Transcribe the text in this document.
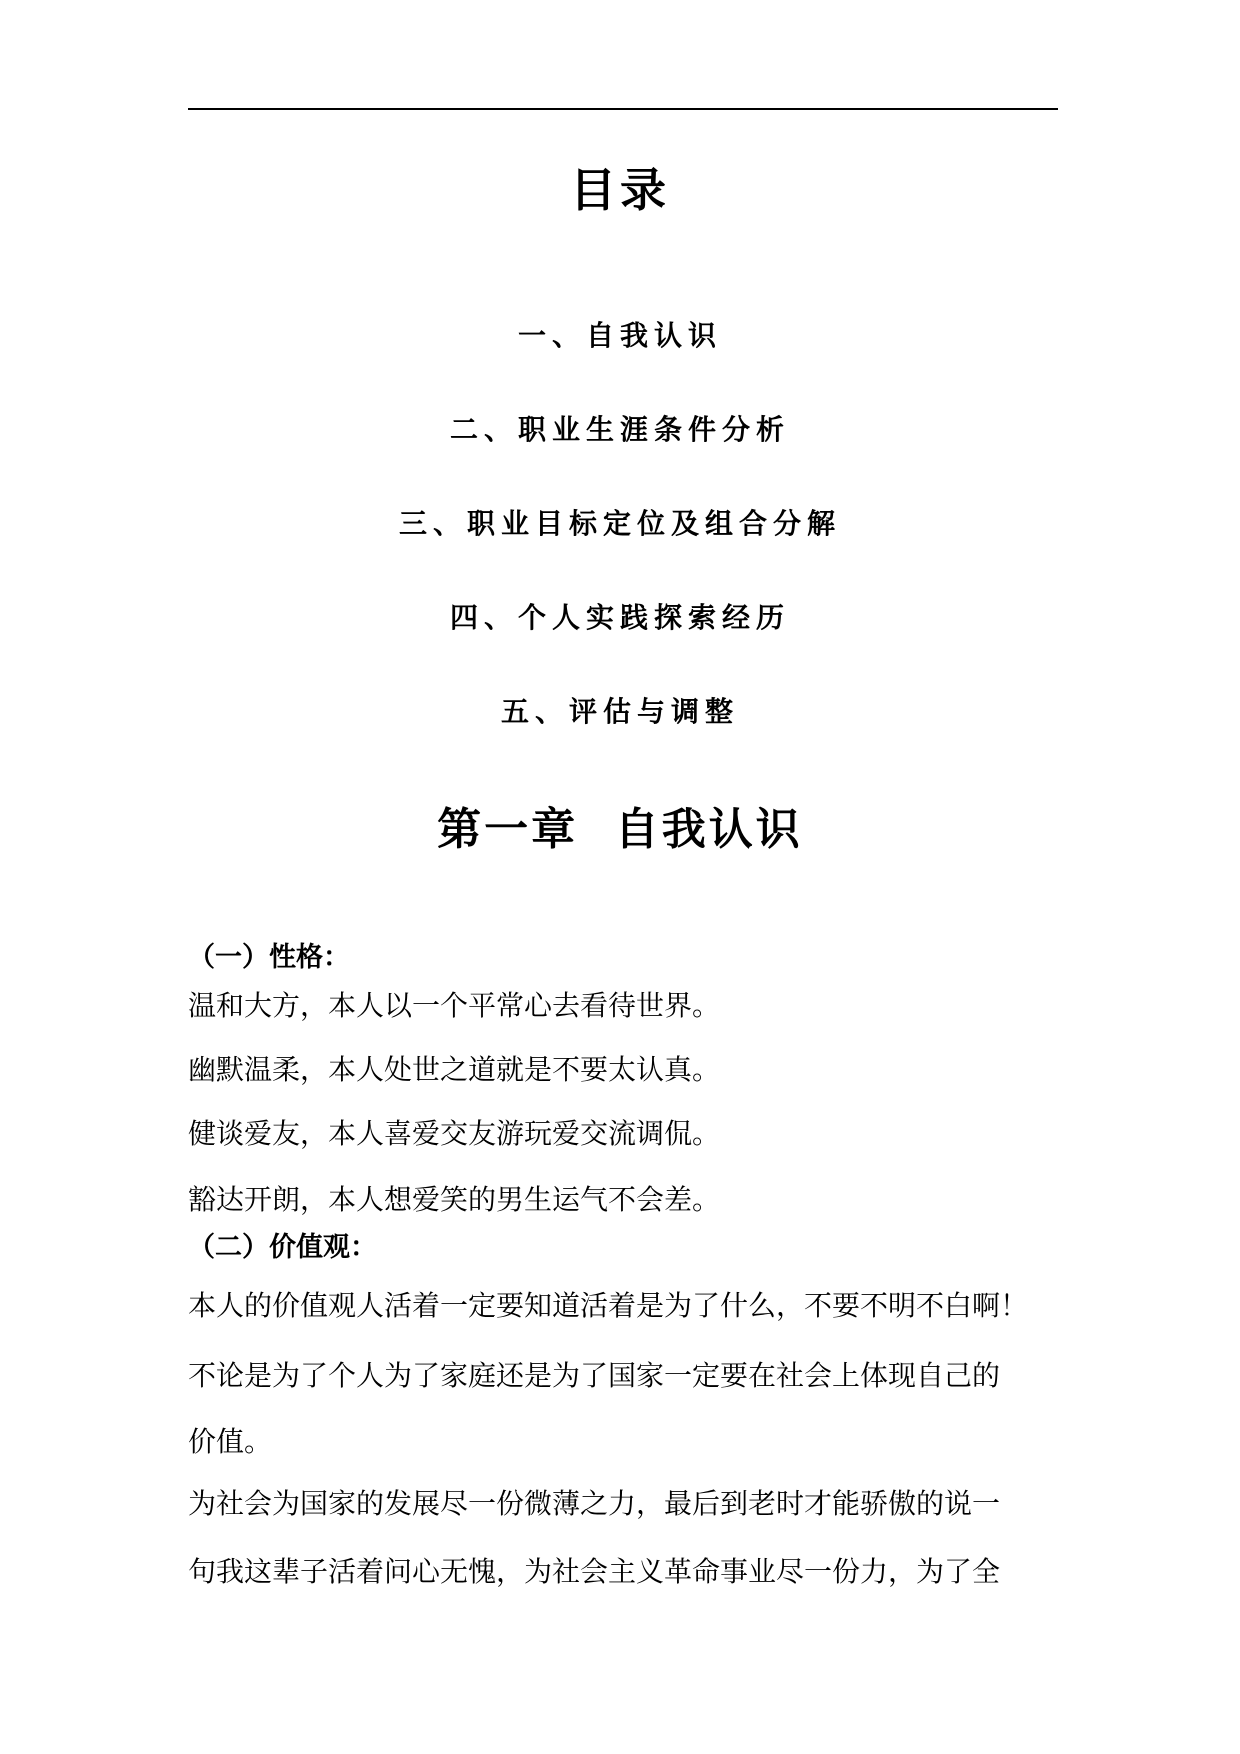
目录
一、自我认识
二、职业生涯条件分析
三、职业目标定位及组合分解
四、个人实践探索经历
五、评估与调整
第一章  自我认识
（一）性格：
温和大方，本人以一个平常心去看待世界。
幽默温柔，本人处世之道就是不要太认真。
健谈爱友，本人喜爱交友游玩爱交流调侃。
豁达开朗，本人想爱笑的男生运气不会差。
（二）价值观：
本人的价值观人活着一定要知道活着是为了什么，不要不明不白啊！
不论是为了个人为了家庭还是为了国家一定要在社会上体现自己的
价值。
为社会为国家的发展尽一份微薄之力，最后到老时才能骄傲的说一
句我这辈子活着问心无愧，为社会主义革命事业尽一份力，为了全
